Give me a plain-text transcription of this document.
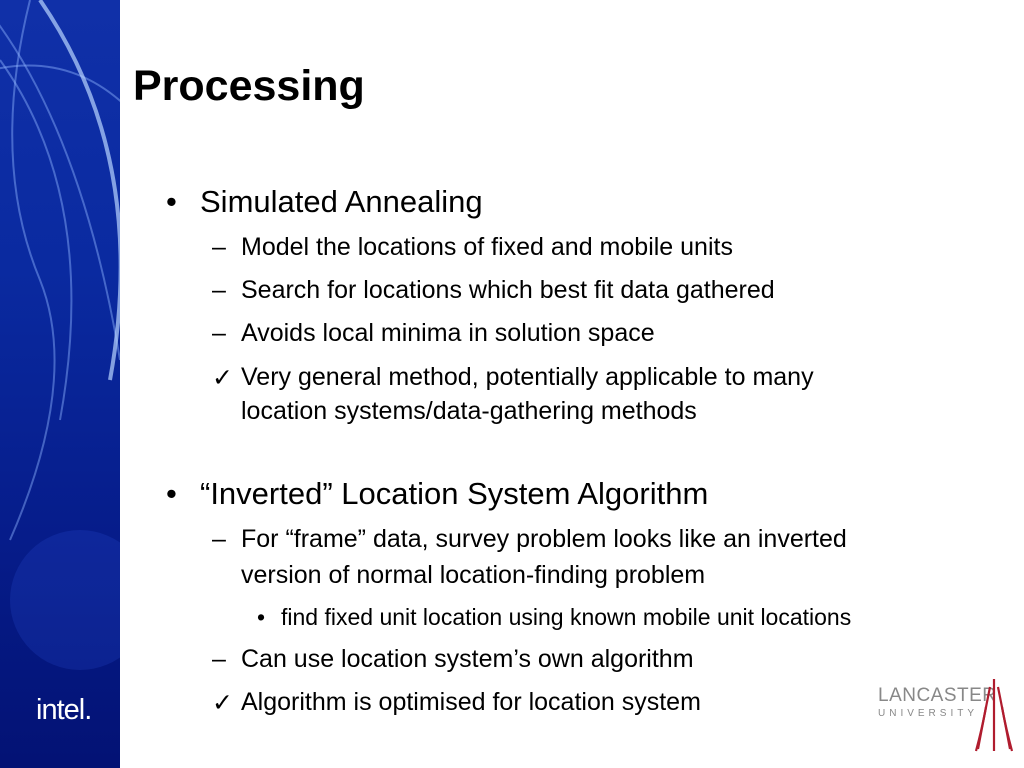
intel.
Processing
• Simulated Annealing
– Model the locations of fixed and mobile units
– Search for locations which best fit data gathered
– Avoids local minima in solution space
✓ Very general method, potentially applicable to many
location systems/data-gathering methods
• “Inverted” Location System Algorithm
– For “frame” data, survey problem looks like an inverted
version of normal location-finding problem
• find fixed unit location using known mobile unit locations
– Can use location system’s own algorithm
✓ Algorithm is optimised for location system	LANCASTER
UNIVERSITY
